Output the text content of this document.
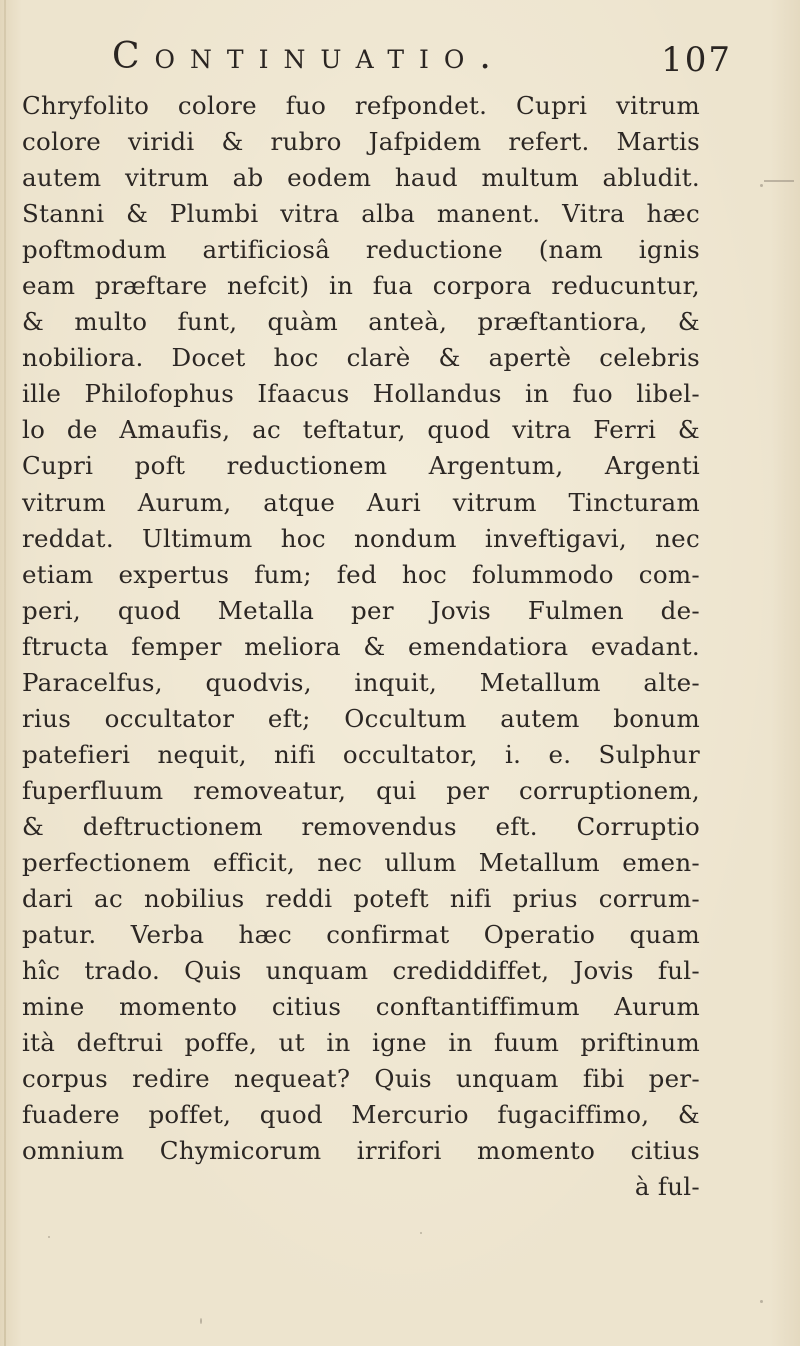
Continuatio.	107
Chryfolito colore fuo refpondet. Cupri vitrum
colore viridi & rubro Jafpidem refert. Martis
autem vitrum ab eodem haud multum abludit.
Stanni & Plumbi vitra alba manent. Vitra hæc
poftmodum artificiosâ reductione (nam ignis
eam præftare nefcit) in fua corpora reducuntur,
& multo funt, quàm anteà, præftantiora, &
nobiliora. Docet hoc clarè & apertè celebris
ille Philofophus Ifaacus Hollandus in fuo libel-
lo de Amaufis, ac teftatur, quod vitra Ferri &
Cupri poft reductionem Argentum, Argenti
vitrum Aurum, atque Auri vitrum Tincturam
reddat. Ultimum hoc nondum inveftigavi, nec
etiam expertus fum; fed hoc folummodo com-
peri, quod Metalla per Jovis Fulmen de-
ftructa femper meliora & emendatiora evadant.
Paracelfus, quodvis, inquit, Metallum alte-
rius occultator eft; Occultum autem bonum
patefieri nequit, nifi occultator, i. e. Sulphur
fuperfluum removeatur, qui per corruptionem,
& deftructionem removendus eft. Corruptio
perfectionem efficit, nec ullum Metallum emen-
dari ac nobilius reddi poteft nifi prius corrum-
patur. Verba hæc confirmat Operatio quam
hîc trado. Quis unquam crediddiffet, Jovis ful-
mine momento citius conftantiffimum Aurum
ità deftrui poffe, ut in igne in fuum priftinum
corpus redire nequeat? Quis unquam fibi per-
fuadere poffet, quod Mercurio fugaciffimo, &
omnium Chymicorum irrifori momento citius
à ful-
